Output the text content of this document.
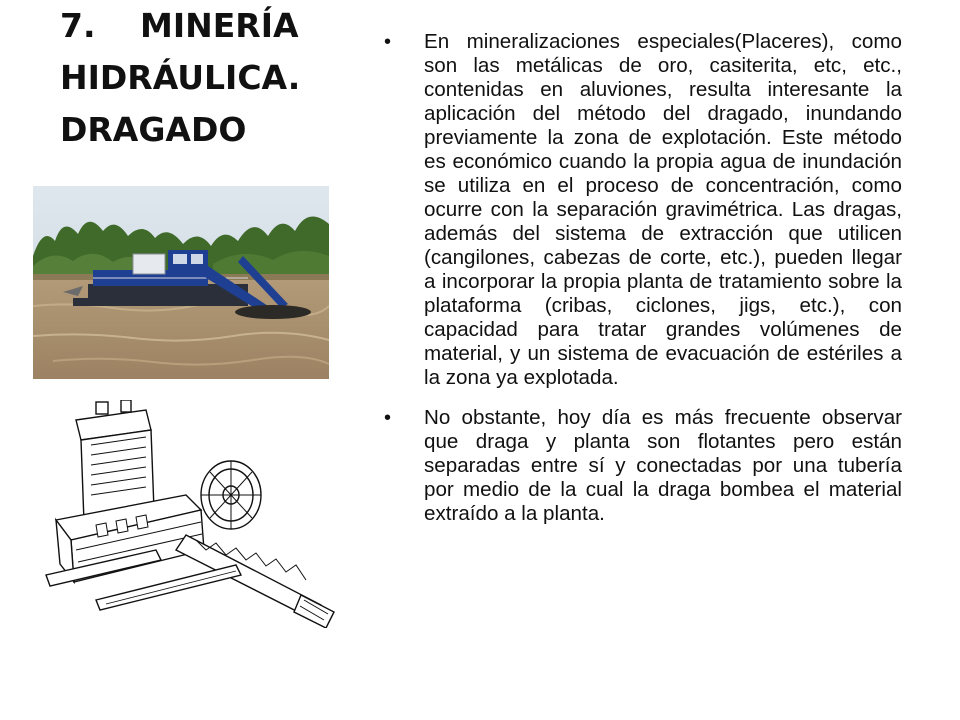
7. MINERÍA
HIDRÁULICA.
DRAGADO
• En mineralizaciones especiales(Placeres), como son las metálicas de oro, casiterita, etc, etc., contenidas en aluviones, resulta interesante la aplicación del método del dragado, inundando previamente la zona de explotación. Este método es económico cuando la propia agua de inundación se utiliza en el proceso de concentración, como ocurre con la separación gravimétrica. Las dragas, además del sistema de extracción que utilicen (cangilones, cabezas de corte, etc.), pueden llegar a incorporar la propia planta de tratamiento sobre la plataforma (cribas, ciclones, jigs, etc.), con capacidad para tratar grandes volúmenes de material, y un sistema de evacuación de estériles a la zona ya explotada.
• No obstante, hoy día es más frecuente observar que draga y planta son flotantes pero están separadas entre sí y conectadas por una tubería por medio de la cual la draga bombea el material extraído a la planta.
